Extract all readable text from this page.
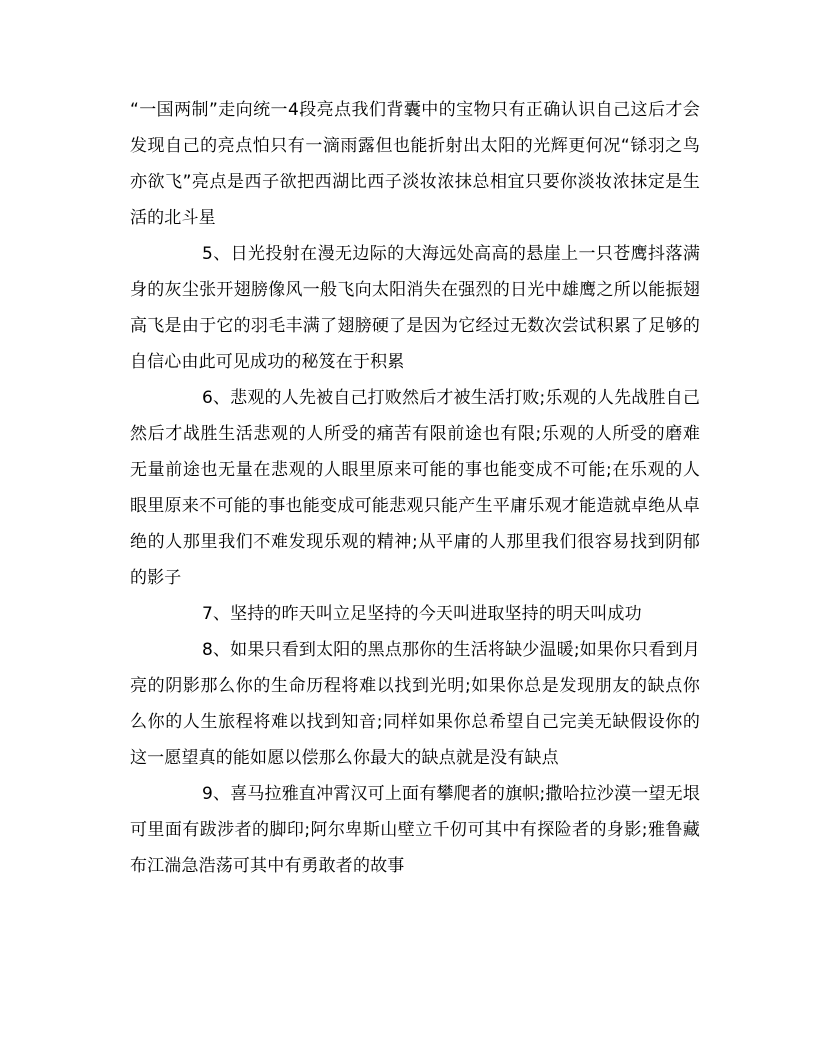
“一国两制”走向统一4段亮点我们背囊中的宝物只有正确认识自己这后才会发现自己的亮点怕只有一滴雨露但也能折射出太阳的光辉更何况“铩羽之鸟亦欲飞”亮点是西子欲把西湖比西子淡妆浓抹总相宜只要你淡妆浓抹定是生活的北斗星

5、日光投射在漫无边际的大海远处高高的悬崖上一只苍鹰抖落满身的灰尘张开翅膀像风一般飞向太阳消失在强烈的日光中雄鹰之所以能振翅高飞是由于它的羽毛丰满了翅膀硬了是因为它经过无数次尝试积累了足够的自信心由此可见成功的秘笈在于积累

6、悲观的人先被自己打败然后才被生活打败;乐观的人先战胜自己然后才战胜生活悲观的人所受的痛苦有限前途也有限;乐观的人所受的磨难无量前途也无量在悲观的人眼里原来可能的事也能变成不可能;在乐观的人眼里原来不可能的事也能变成可能悲观只能产生平庸乐观才能造就卓绝从卓绝的人那里我们不难发现乐观的精神;从平庸的人那里我们很容易找到阴郁的影子

7、坚持的昨天叫立足坚持的今天叫进取坚持的明天叫成功

8、如果只看到太阳的黑点那你的生活将缺少温暖;如果你只看到月亮的阴影那么你的生命历程将难以找到光明;如果你总是发现朋友的缺点你么你的人生旅程将难以找到知音;同样如果你总希望自己完美无缺假设你的这一愿望真的能如愿以偿那么你最大的缺点就是没有缺点

9、喜马拉雅直冲霄汉可上面有攀爬者的旗帜;撒哈拉沙漠一望无垠可里面有跋涉者的脚印;阿尔卑斯山壁立千仞可其中有探险者的身影;雅鲁藏布江湍急浩荡可其中有勇敢者的故事
